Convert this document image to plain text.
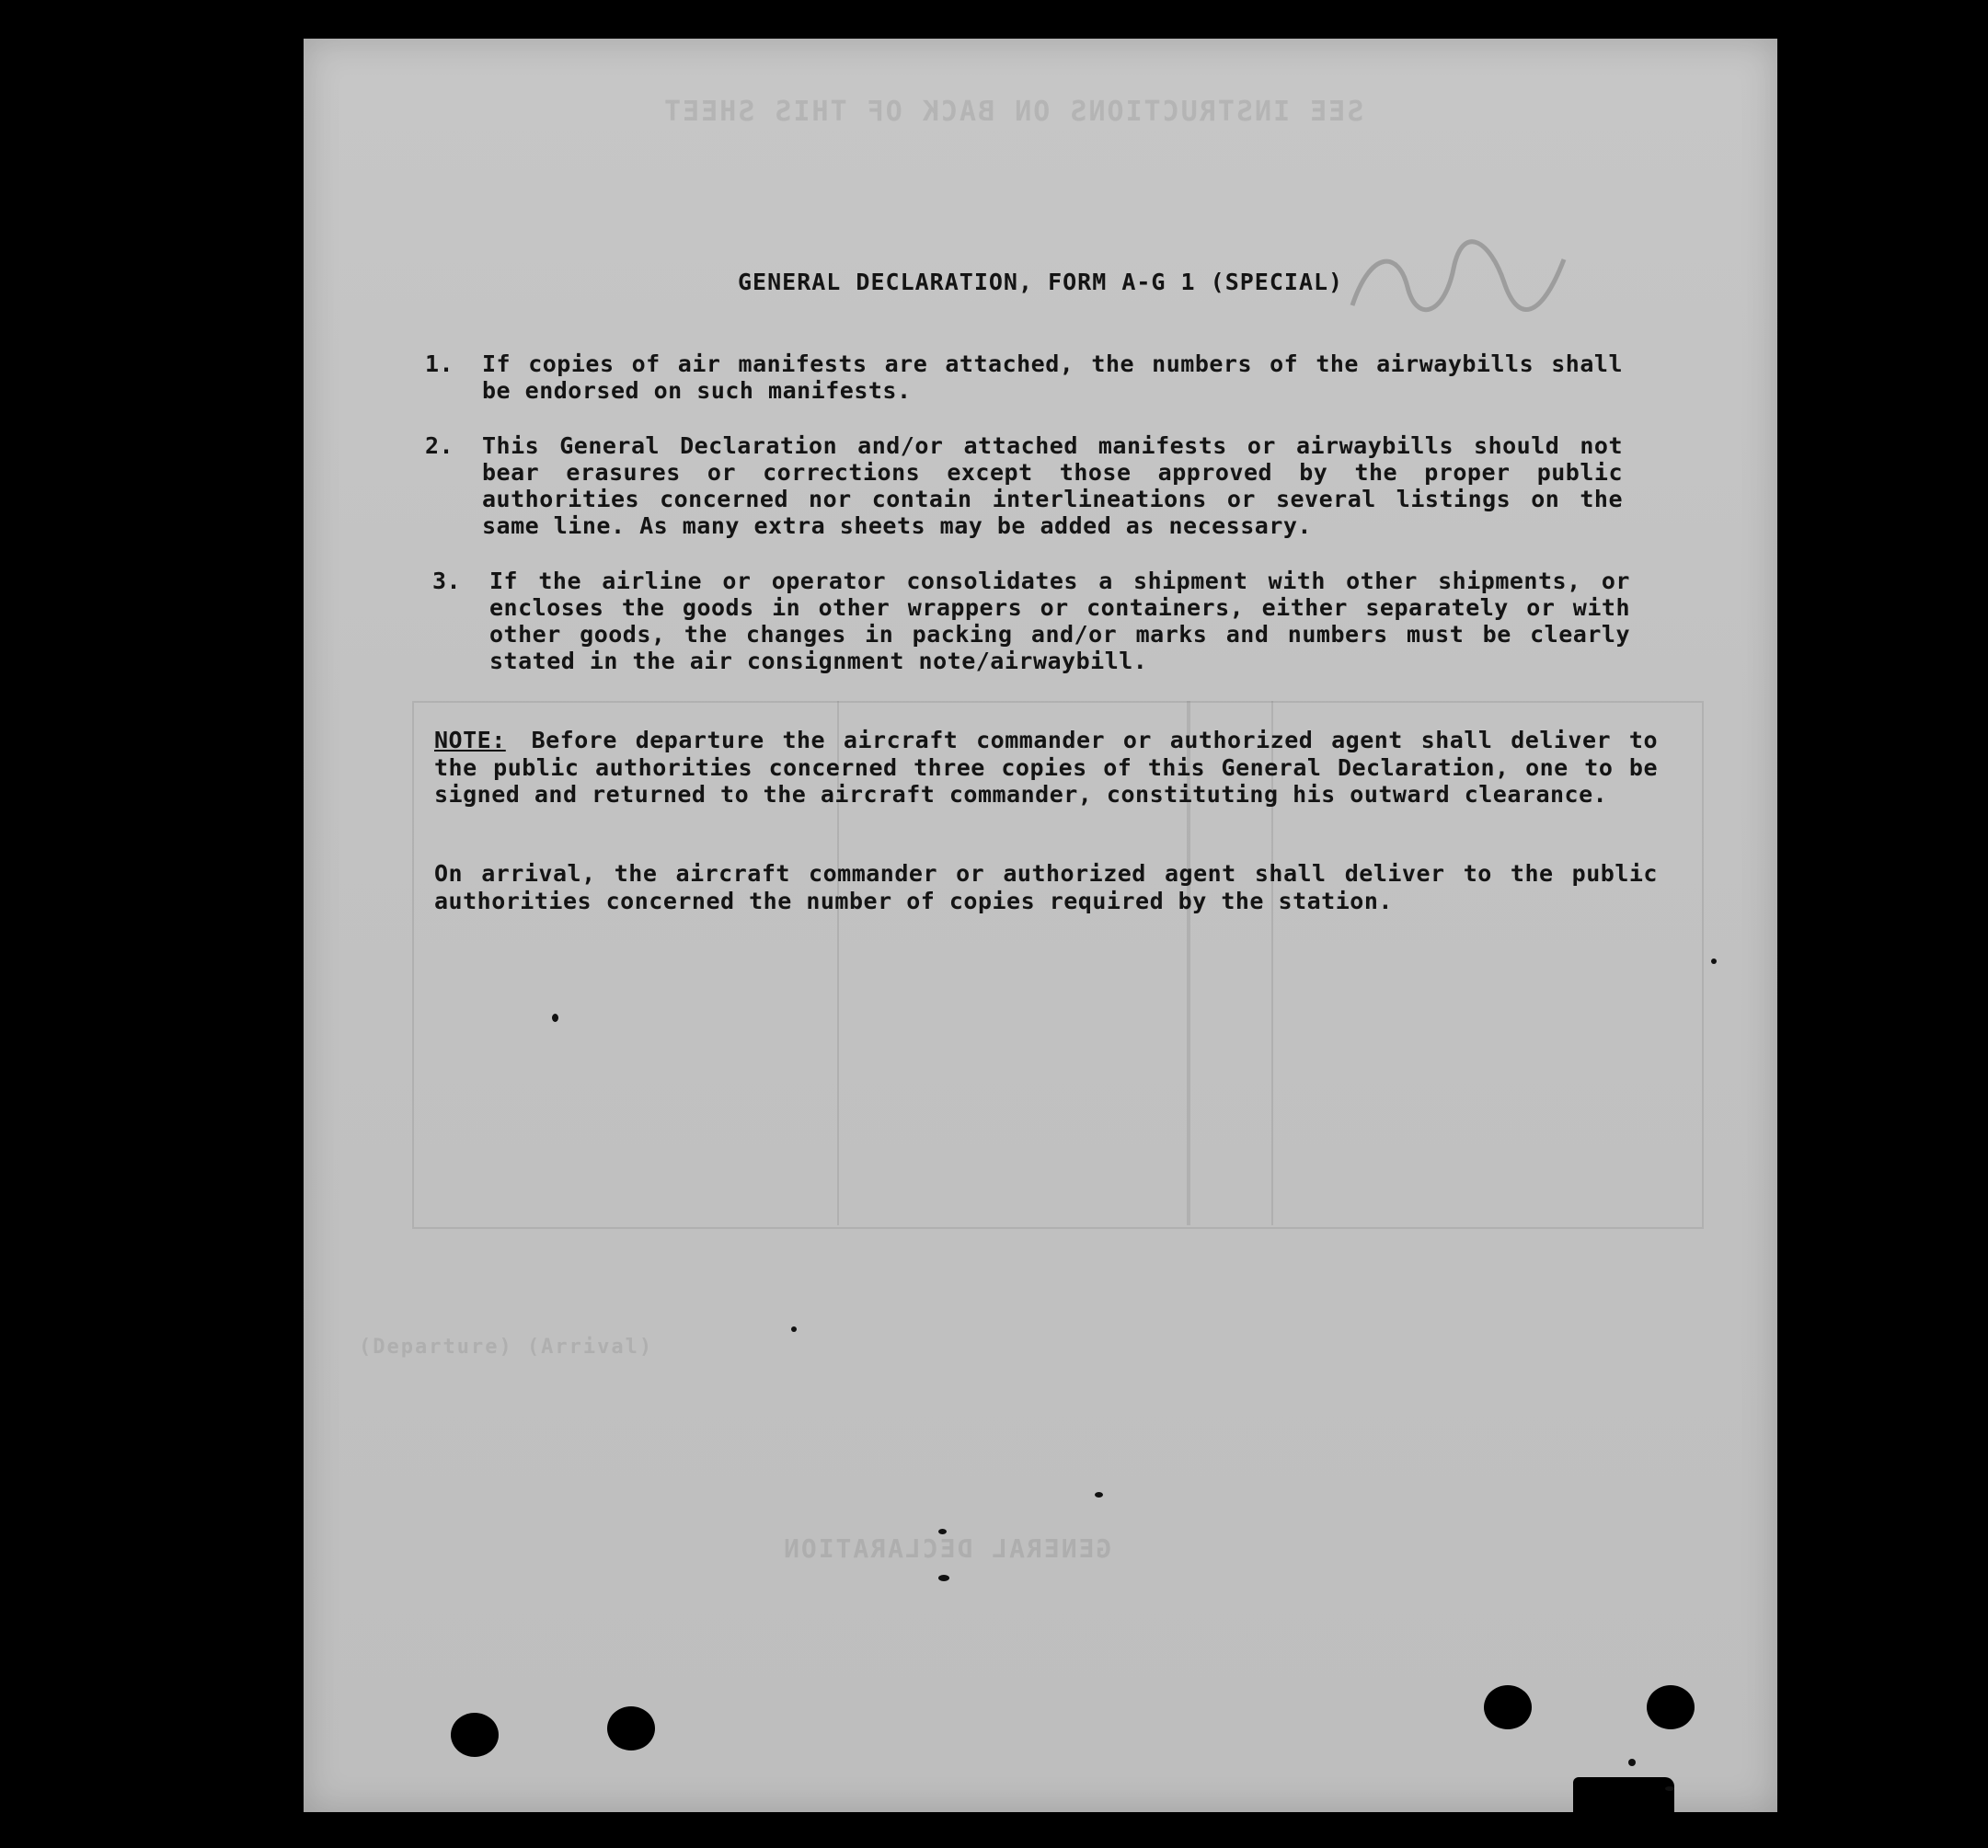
SEE INSTRUCTIONS ON BACK OF THIS SHEET
GENERAL DECLARATION
(Departure) (Arrival)
1. If copies of air manifests are attached, the numbers of the airwaybills shall be endorsed on such manifests.
2. This General Declaration and/or attached manifests or airwaybills should not bear erasures or corrections except those approved by the proper public authorities concerned nor contain interlineations or several listings on the same line. As many extra sheets may be added as necessary.
3. If the airline or operator consolidates a shipment with other shipments, or encloses the goods in other wrappers or containers, either separately or with other goods, the changes in packing and/or marks and numbers must be clearly stated in the air consignment note/airwaybill.
NOTE: Before departure the aircraft commander or authorized agent shall deliver to the public authorities concerned three copies of this General Declaration, one to be signed and returned to the aircraft commander, constituting his outward clearance.
On arrival, the aircraft commander or authorized agent shall deliver to the public authorities concerned the number of copies required by the station.
